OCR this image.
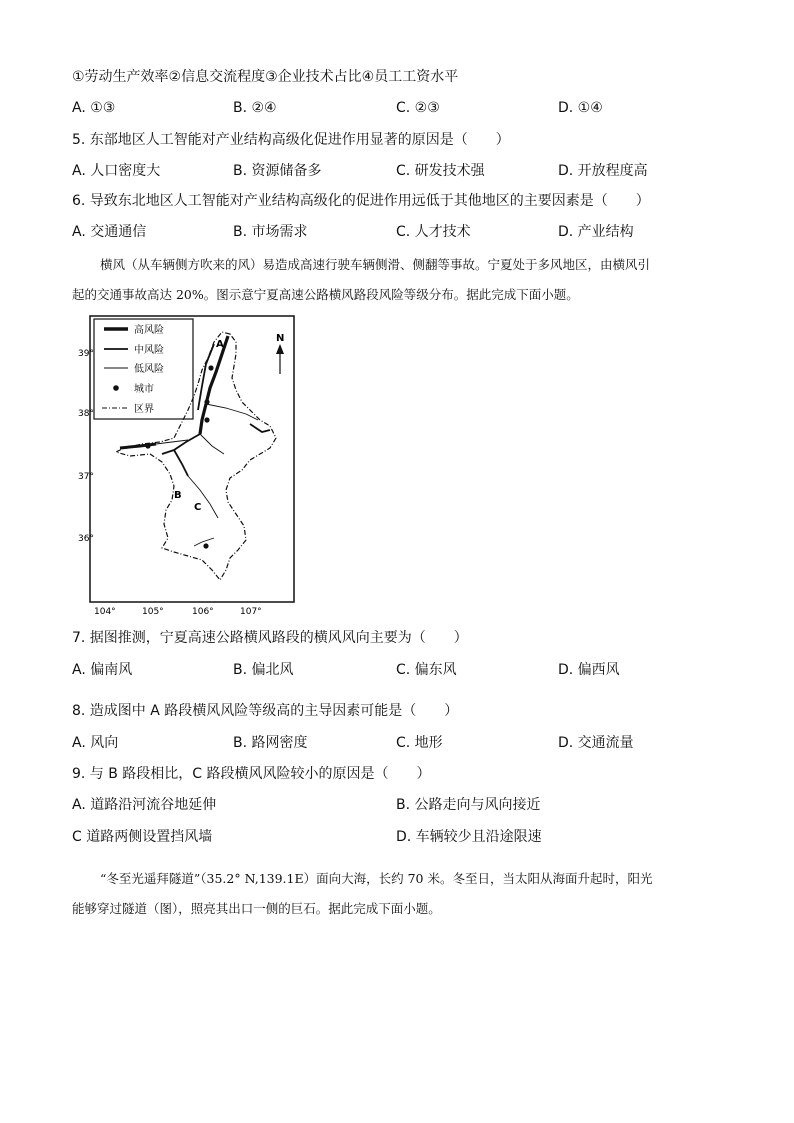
①劳动生产效率②信息交流程度③企业技术占比④员工工资水平
A. ①③	B. ②④	C. ②③	D. ①④
5. 东部地区人工智能对产业结构高级化促进作用显著的原因是（　　）
A. 人口密度大	B. 资源储备多	C. 研发技术强	D. 开放程度高
6. 导致东北地区人工智能对产业结构高级化的促进作用远低于其他地区的主要因素是（　　）
A. 交通通信	B. 市场需求	C. 人才技术	D. 产业结构
横风（从车辆侧方吹来的风）易造成高速行驶车辆侧滑、侧翻等事故。宁夏处于多风地区，由横风引
起的交通事故高达 20%。图示意宁夏高速公路横风路段风险等级分布。据此完成下面小题。
高风险
中风险
低风险
城市
区界
N
39°
38°
37°
36°
104°	105°	106°	107°
A
B
C
7. 据图推测，宁夏高速公路横风路段的横风风向主要为（　　）
A. 偏南风	B. 偏北风	C. 偏东风	D. 偏西风
8. 造成图中 A 路段横风风险等级高的主导因素可能是（　　）
A. 风向	B. 路网密度	C. 地形	D. 交通流量
9. 与 B 路段相比，C 路段横风风险较小的原因是（　　）
A. 道路沿河流谷地延伸	B. 公路走向与风向接近
C 道路两侧设置挡风墙	D. 车辆较少且沿途限速
“冬至光遥拜隧道”（35.2° N,139.1E）面向大海，长约 70 米。冬至日，当太阳从海面升起时，阳光
能够穿过隧道（图），照亮其出口一侧的巨石。据此完成下面小题。
